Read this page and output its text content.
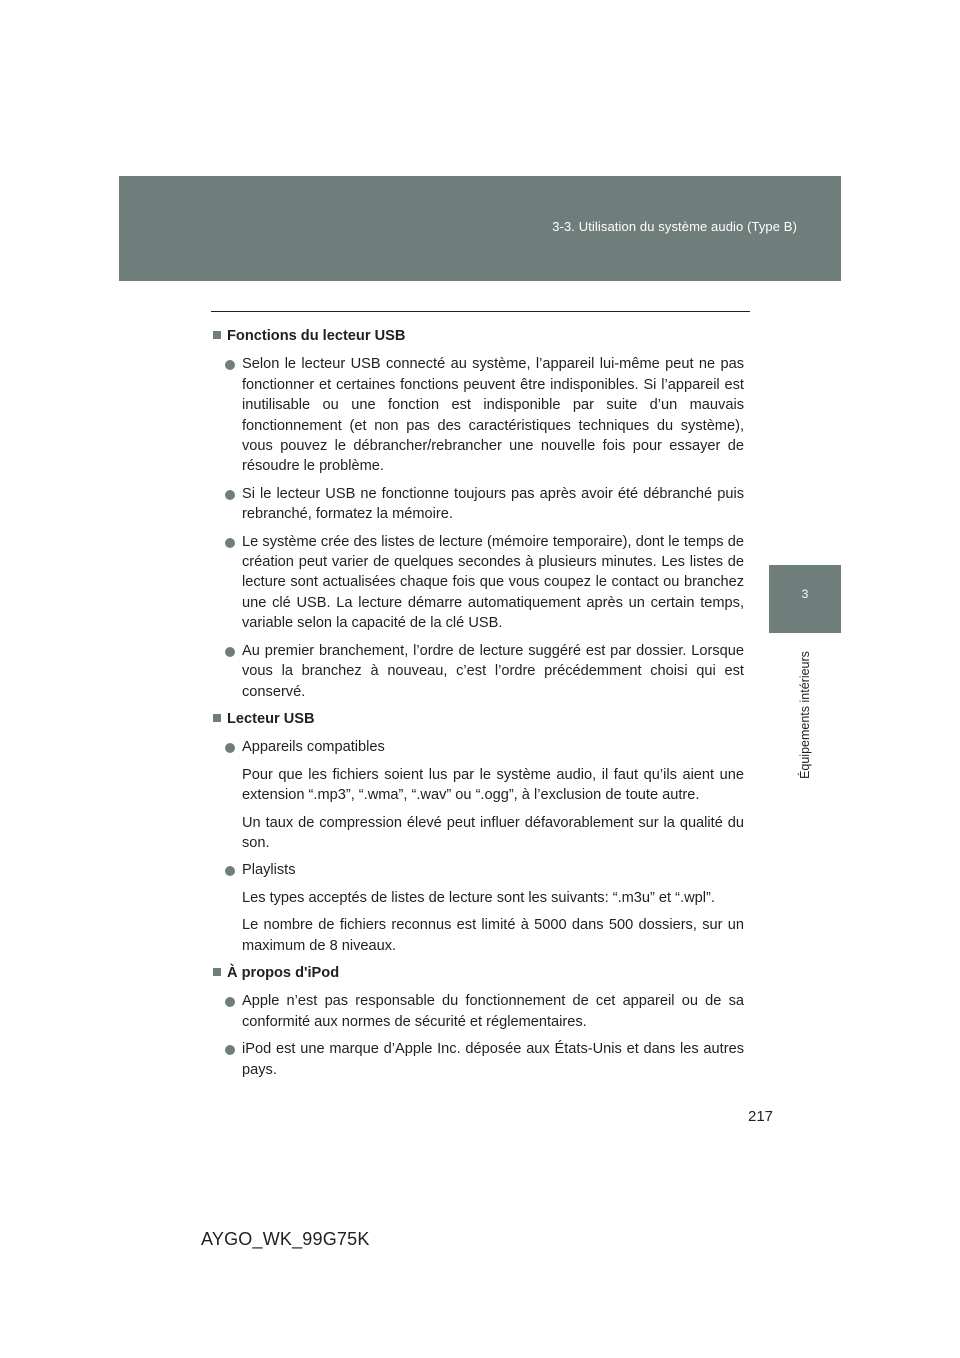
3-3. Utilisation du système audio (Type B)
3
Équipements intérieurs
Fonctions du lecteur USB
Selon le lecteur USB connecté au système, l’appareil lui-même peut ne pas fonctionner et certaines fonctions peuvent être indisponibles. Si l’appareil est inutilisable ou une fonction est indisponible par suite d’un mauvais fonctionnement (et non pas des caractéristiques techniques du système), vous pouvez le débrancher/rebrancher une nouvelle fois pour essayer de résoudre le problème.
Si le lecteur USB ne fonctionne toujours pas après avoir été débranché puis rebranché, formatez la mémoire.
Le système crée des listes de lecture (mémoire temporaire), dont le temps de création peut varier de quelques secondes à plusieurs minutes. Les listes de lecture sont actualisées chaque fois que vous coupez le contact ou branchez une clé USB. La lecture démarre automatiquement après un certain temps, variable selon la capacité de la clé USB.
Au premier branchement, l’ordre de lecture suggéré est par dossier. Lorsque vous la branchez à nouveau, c’est l’ordre précédemment choisi qui est conservé.
Lecteur USB
Appareils compatibles
Pour que les fichiers soient lus par le système audio, il faut qu’ils aient une extension “.mp3”, “.wma”, “.wav” ou “.ogg”, à l’exclusion de toute autre.
Un taux de compression élevé peut influer défavorablement sur la qualité du son.
Playlists
Les types acceptés de listes de lecture sont les suivants: “.m3u” et “.wpl”.
Le nombre de fichiers reconnus est limité à 5000 dans 500 dossiers, sur un maximum de 8 niveaux.
À propos d'iPod
Apple n’est pas responsable du fonctionnement de cet appareil ou de sa conformité aux normes de sécurité et réglementaires.
iPod est une marque d’Apple Inc. déposée aux États-Unis et dans les autres pays.
217
AYGO_WK_99G75K
